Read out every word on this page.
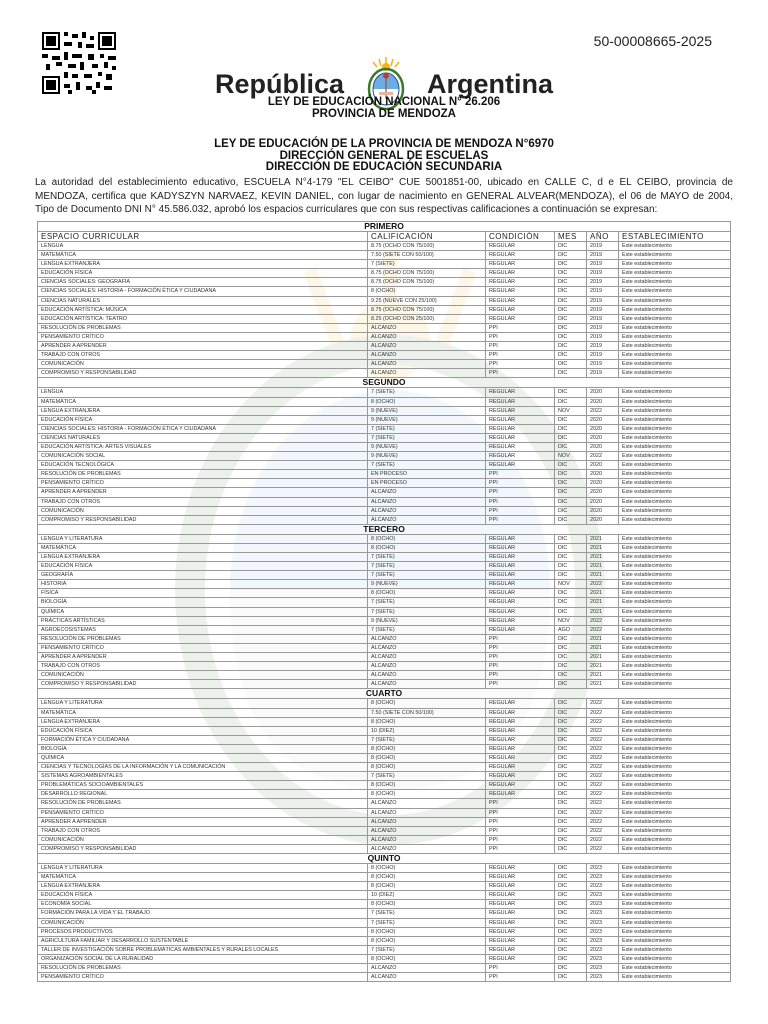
50-00008665-2025
República	Argentina
LEY DE EDUCACIÓN NACIONAL N° 26.206
PROVINCIA DE MENDOZA
LEY DE EDUCACIÓN DE LA PROVINCIA DE MENDOZA N°6970
DIRECCIÓN GENERAL DE ESCUELAS
DIRECCIÓN DE EDUCACIÓN SECUNDARIA
La autoridad del establecimiento educativo, ESCUELA N°4-179 "EL CEIBO" CUE 5001851-00, ubicado en CALLE C, d e EL CEIBO, provincia de MENDOZA, certifica que KADYSZYN NARVAEZ, KEVIN DANIEL, con lugar de nacimiento en GENERAL ALVEAR(MENDOZA), el 06 de MAYO de 2004, Tipo de Documento DNI N° 45.586.032, aprobó los espacios curriculares que con sus respectivas calificaciones a continuación se expresan:
PRIMERO					
ESPACIO CURRICULAR	CALIFICACIÓN	CONDICIÓN	MES	AÑO	ESTABLECIMIENTO
LENGUA	8.75 (OCHO CON 75/100)	REGULAR	DIC	2019	Este establecimiento
MATEMÁTICA	7.50 (SIETE CON 50/100)	REGULAR	DIC	2019	Este establecimiento
LENGUA EXTRANJERA	7 (SIETE)	REGULAR	DIC	2019	Este establecimiento
EDUCACIÓN FÍSICA	8.75 (OCHO CON 75/100)	REGULAR	DIC	2019	Este establecimiento
CIENCIAS SOCIALES: GEOGRAFÍA	8.75 (OCHO CON 75/100)	REGULAR	DIC	2019	Este establecimiento
CIENCIAS SOCIALES: HISTORIA - FORMACIÓN ÉTICA Y CIUDADANA	8 (OCHO)	REGULAR	DIC	2019	Este establecimiento
CIENCIAS NATURALES	9.25 (NUEVE CON 25/100)	REGULAR	DIC	2019	Este establecimiento
EDUCACIÓN ARTÍSTICA: MÚSICA	8.75 (OCHO CON 75/100)	REGULAR	DIC	2019	Este establecimiento
EDUCACIÓN ARTÍSTICA: TEATRO	8.25 (OCHO CON 25/100)	REGULAR	DIC	2019	Este establecimiento
RESOLUCIÓN DE PROBLEMAS	ALCANZO	PPI	DIC	2019	Este establecimiento
PENSAMIENTO CRÍTICO	ALCANZO	PPI	DIC	2019	Este establecimiento
APRENDER A APRENDER	ALCANZO	PPI	DIC	2019	Este establecimiento
TRABAJO CON OTROS	ALCANZO	PPI	DIC	2019	Este establecimiento
COMUNICACIÓN	ALCANZO	PPI	DIC	2019	Este establecimiento
COMPROMISO Y RESPONSABILIDAD	ALCANZO	PPI	DIC	2019	Este establecimiento
SEGUNDO					
LENGUA	7 (SIETE)	REGULAR	DIC	2020	Este establecimiento
MATEMÁTICA	8 (OCHO)	REGULAR	DIC	2020	Este establecimiento
LENGUA EXTRANJERA	9 (NUEVE)	REGULAR	NOV	2022	Este establecimiento
EDUCACIÓN FÍSICA	9 (NUEVE)	REGULAR	DIC	2020	Este establecimiento
CIENCIAS SOCIALES: HISTORIA - FORMACIÓN ÉTICA Y CIUDADANA	7 (SIETE)	REGULAR	DIC	2020	Este establecimiento
CIENCIAS NATURALES	7 (SIETE)	REGULAR	DIC	2020	Este establecimiento
EDUCACIÓN ARTÍSTICA: ARTES VISUALES	9 (NUEVE)	REGULAR	DIC	2020	Este establecimiento
COMUNICACIÓN SOCIAL	9 (NUEVE)	REGULAR	NOV	2022	Este establecimiento
EDUCACIÓN TECNOLÓGICA	7 (SIETE)	REGULAR	DIC	2020	Este establecimiento
RESOLUCIÓN DE PROBLEMAS	EN PROCESO	PPI	DIC	2020	Este establecimiento
PENSAMIENTO CRÍTICO	EN PROCESO	PPI	DIC	2020	Este establecimiento
APRENDER A APRENDER	ALCANZO	PPI	DIC	2020	Este establecimiento
TRABAJO CON OTROS	ALCANZO	PPI	DIC	2020	Este establecimiento
COMUNICACIÓN	ALCANZO	PPI	DIC	2020	Este establecimiento
COMPROMISO Y RESPONSABILIDAD	ALCANZO	PPI	DIC	2020	Este establecimiento
TERCERO					
LENGUA Y LITERATURA	8 (OCHO)	REGULAR	DIC	2021	Este establecimiento
MATEMÁTICA	8 (OCHO)	REGULAR	DIC	2021	Este establecimiento
LENGUA EXTRANJERA	7 (SIETE)	REGULAR	DIC	2021	Este establecimiento
EDUCACIÓN FÍSICA	7 (SIETE)	REGULAR	DIC	2021	Este establecimiento
GEOGRAFÍA	7 (SIETE)	REGULAR	DIC	2021	Este establecimiento
HISTORIA	9 (NUEVE)	REGULAR	NOV	2022	Este establecimiento
FÍSICA	8 (OCHO)	REGULAR	DIC	2021	Este establecimiento
BIOLOGÍA	7 (SIETE)	REGULAR	DIC	2021	Este establecimiento
QUÍMICA	7 (SIETE)	REGULAR	DIC	2021	Este establecimiento
PRÁCTICAS ARTÍSTICAS	9 (NUEVE)	REGULAR	NOV	2022	Este establecimiento
AGROECOSISTEMAS	7 (SIETE)	REGULAR	AGO	2022	Este establecimiento
RESOLUCIÓN DE PROBLEMAS	ALCANZO	PPI	DIC	2021	Este establecimiento
PENSAMIENTO CRÍTICO	ALCANZO	PPI	DIC	2021	Este establecimiento
APRENDER A APRENDER	ALCANZO	PPI	DIC	2021	Este establecimiento
TRABAJO CON OTROS	ALCANZO	PPI	DIC	2021	Este establecimiento
COMUNICACIÓN	ALCANZO	PPI	DIC	2021	Este establecimiento
COMPROMISO Y RESPONSABILIDAD	ALCANZO	PPI	DIC	2021	Este establecimiento
CUARTO					
LENGUA Y LITERATURA	8 (OCHO)	REGULAR	DIC	2022	Este establecimiento
MATEMÁTICA	7.50 (SIETE CON 50/100)	REGULAR	DIC	2022	Este establecimiento
LENGUA EXTRANJERA	8 (OCHO)	REGULAR	DIC	2022	Este establecimiento
EDUCACIÓN FÍSICA	10 (DIEZ)	REGULAR	DIC	2022	Este establecimiento
FORMACIÓN ÉTICA Y CIUDADANA	7 (SIETE)	REGULAR	DIC	2022	Este establecimiento
BIOLOGÍA	8 (OCHO)	REGULAR	DIC	2022	Este establecimiento
QUÍMICA	8 (OCHO)	REGULAR	DIC	2022	Este establecimiento
CIENCIAS Y TECNOLOGÍAS DE LA INFORMACIÓN Y LA COMUNICACIÓN	8 (OCHO)	REGULAR	DIC	2022	Este establecimiento
SISTEMAS AGROAMBIENTALES	7 (SIETE)	REGULAR	DIC	2022	Este establecimiento
PROBLEMÁTICAS SOCIOAMBIENTALES	8 (OCHO)	REGULAR	DIC	2022	Este establecimiento
DESARROLLO REGIONAL	8 (OCHO)	REGULAR	DIC	2022	Este establecimiento
RESOLUCIÓN DE PROBLEMAS	ALCANZO	PPI	DIC	2022	Este establecimiento
PENSAMIENTO CRÍTICO	ALCANZO	PPI	DIC	2022	Este establecimiento
APRENDER A APRENDER	ALCANZO	PPI	DIC	2022	Este establecimiento
TRABAJO CON OTROS	ALCANZO	PPI	DIC	2022	Este establecimiento
COMUNICACIÓN	ALCANZO	PPI	DIC	2022	Este establecimiento
COMPROMISO Y RESPONSABILIDAD	ALCANZO	PPI	DIC	2022	Este establecimiento
QUINTO					
LENGUA Y LITERATURA	8 (OCHO)	REGULAR	DIC	2023	Este establecimiento
MATEMÁTICA	8 (OCHO)	REGULAR	DIC	2023	Este establecimiento
LENGUA EXTRANJERA	8 (OCHO)	REGULAR	DIC	2023	Este establecimiento
EDUCACIÓN FÍSICA	10 (DIEZ)	REGULAR	DIC	2023	Este establecimiento
ECONOMÍA SOCIAL	8 (OCHO)	REGULAR	DIC	2023	Este establecimiento
FORMACIÓN PARA LA VIDA Y EL TRABAJO	7 (SIETE)	REGULAR	DIC	2023	Este establecimiento
COMUNICACIÓN	7 (SIETE)	REGULAR	DIC	2023	Este establecimiento
PROCESOS PRODUCTIVOS	8 (OCHO)	REGULAR	DIC	2023	Este establecimiento
AGRICULTURA FAMILIAR Y DESARROLLO SUSTENTABLE	8 (OCHO)	REGULAR	DIC	2023	Este establecimiento
TALLER DE INVESTIGACIÓN SOBRE PROBLEMÁTICAS AMBIENTALES Y RURALES LOCALES	7 (SIETE)	REGULAR	DIC	2023	Este establecimiento
ORGANIZACIÓN SOCIAL DE LA RURALIDAD	8 (OCHO)	REGULAR	DIC	2023	Este establecimiento
RESOLUCIÓN DE PROBLEMAS	ALCANZO	PPI	DIC	2023	Este establecimiento
PENSAMIENTO CRÍTICO	ALCANZO	PPI	DIC	2023	Este establecimiento
